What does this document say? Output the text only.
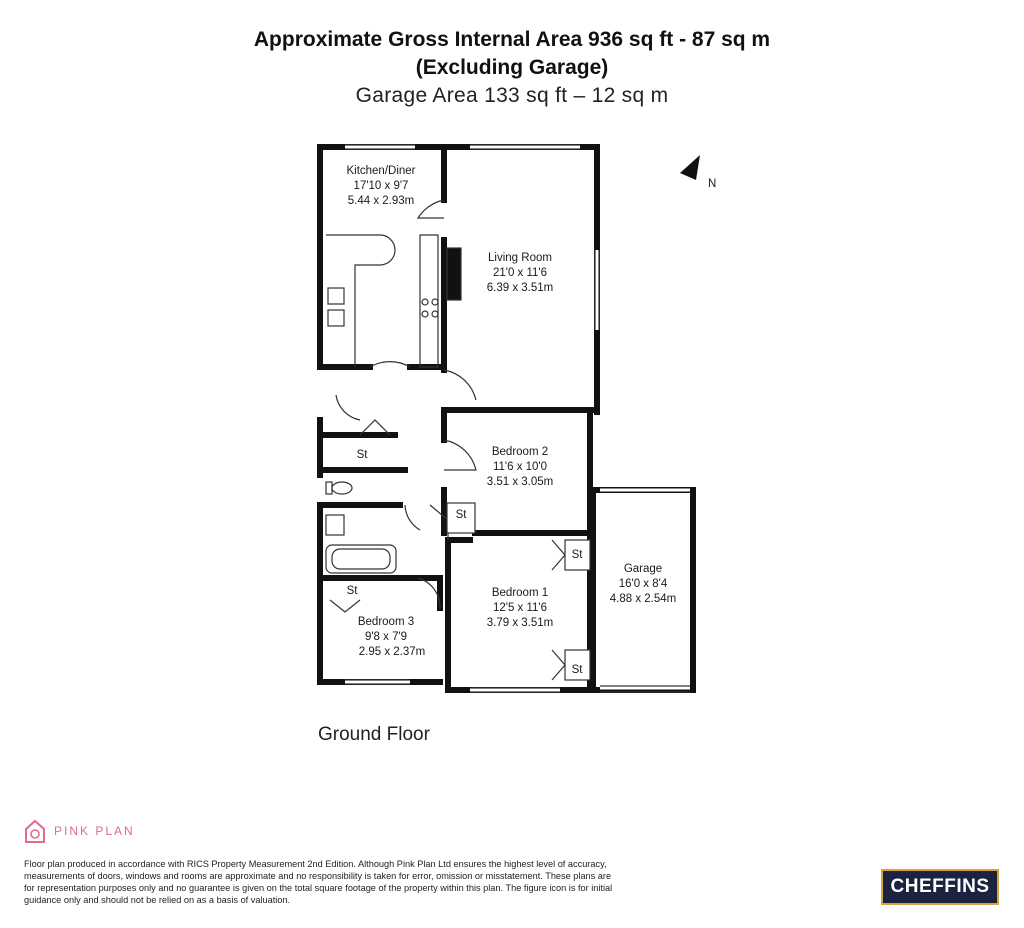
Approximate Gross Internal Area 936 sq ft - 87 sq m
(Excluding Garage)
Garage Area 133 sq ft – 12 sq m
N
Kitchen/Diner
17'10 x 9'7
5.44 x 2.93m
Living Room
21'0 x 11'6
6.39 x 3.51m
Bedroom 2
11'6 x 10'0
3.51 x 3.05m
Bedroom 1
12'5 x 11'6
3.79 x 3.51m
Bedroom 3
9'8 x 7'9
2.95 x 2.37m
Garage
16'0 x 8'4
4.88 x 2.54m
St
St
St
St
St
Ground Floor
PINK PLAN
Floor plan produced in accordance with RICS Property Measurement 2nd Edition. Although Pink Plan Ltd ensures the highest level of accuracy, measurements of doors, windows and rooms are approximate and no responsibility is taken for error, omission or misstatement. These plans are for representation purposes only and no guarantee is given on the total square footage of the property within this plan. The figure icon is for initial guidance only and should not be relied on as a basis of valuation.
CHEFFINS
